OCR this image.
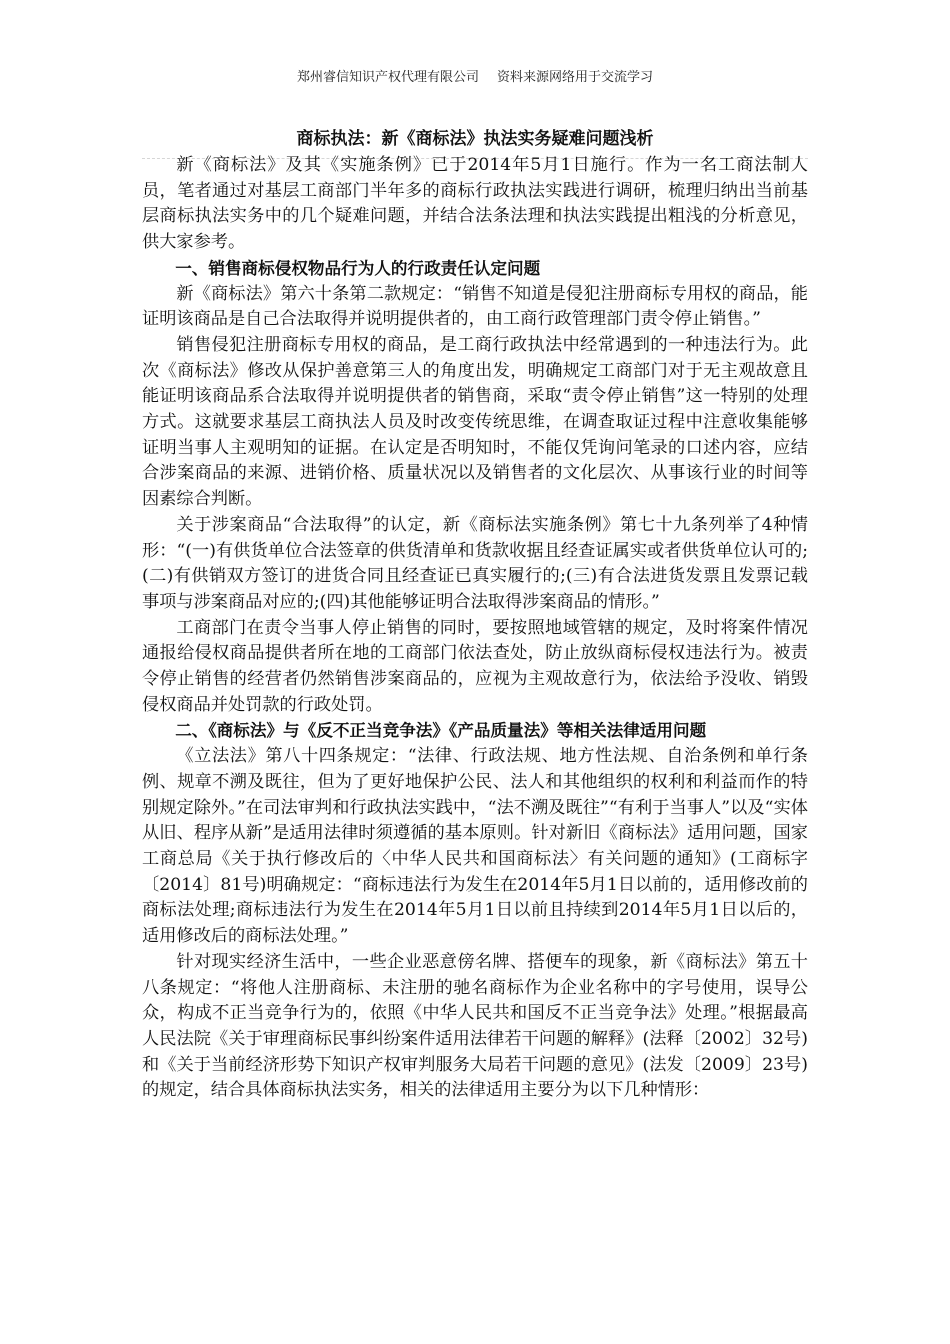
郑州睿信知识产权代理有限公司 资料来源网络用于交流学习
商标执法：新《商标法》执法实务疑难问题浅析

新《商标法》及其《实施条例》已于2014年5月1日施行。作为一名工商法制人员，笔者通过对基层工商部门半年多的商标行政执法实践进行调研，梳理归纳出当前基层商标执法实务中的几个疑难问题，并结合法条法理和执法实践提出粗浅的分析意见，供大家参考。

一、销售商标侵权物品行为人的行政责任认定问题

新《商标法》第六十条第二款规定：“销售不知道是侵犯注册商标专用权的商品，能证明该商品是自己合法取得并说明提供者的，由工商行政管理部门责令停止销售。”

销售侵犯注册商标专用权的商品，是工商行政执法中经常遇到的一种违法行为。此次《商标法》修改从保护善意第三人的角度出发，明确规定工商部门对于无主观故意且能证明该商品系合法取得并说明提供者的销售商，采取“责令停止销售”这一特别的处理方式。这就要求基层工商执法人员及时改变传统思维，在调查取证过程中注意收集能够证明当事人主观明知的证据。在认定是否明知时，不能仅凭询问笔录的口述内容，应结合涉案商品的来源、进销价格、质量状况以及销售者的文化层次、从事该行业的时间等因素综合判断。

关于涉案商品“合法取得”的认定，新《商标法实施条例》第七十九条列举了4种情形：“(一)有供货单位合法签章的供货清单和货款收据且经查证属实或者供货单位认可的;(二)有供销双方签订的进货合同且经查证已真实履行的;(三)有合法进货发票且发票记载事项与涉案商品对应的;(四)其他能够证明合法取得涉案商品的情形。”

工商部门在责令当事人停止销售的同时，要按照地域管辖的规定，及时将案件情况通报给侵权商品提供者所在地的工商部门依法查处，防止放纵商标侵权违法行为。被责令停止销售的经营者仍然销售涉案商品的，应视为主观故意行为，依法给予没收、销毁侵权商品并处罚款的行政处罚。

二、《商标法》与《反不正当竞争法》《产品质量法》等相关法律适用问题

《立法法》第八十四条规定：“法律、行政法规、地方性法规、自治条例和单行条例、规章不溯及既往，但为了更好地保护公民、法人和其他组织的权利和利益而作的特别规定除外。”在司法审判和行政执法实践中，“法不溯及既往”“有利于当事人”以及“实体从旧、程序从新”是适用法律时须遵循的基本原则。针对新旧《商标法》适用问题，国家工商总局《关于执行修改后的〈中华人民共和国商标法〉有关问题的通知》(工商标字〔2014〕81号)明确规定：“商标违法行为发生在2014年5月1日以前的，适用修改前的商标法处理;商标违法行为发生在2014年5月1日以前且持续到2014年5月1日以后的，适用修改后的商标法处理。”

针对现实经济生活中，一些企业恶意傍名牌、搭便车的现象，新《商标法》第五十八条规定：“将他人注册商标、未注册的驰名商标作为企业名称中的字号使用，误导公众，构成不正当竞争行为的，依照《中华人民共和国反不正当竞争法》处理。”根据最高人民法院《关于审理商标民事纠纷案件适用法律若干问题的解释》(法释〔2002〕32号)和《关于当前经济形势下知识产权审判服务大局若干问题的意见》(法发〔2009〕23号)的规定，结合具体商标执法实务，相关的法律适用主要分为以下几种情形：
